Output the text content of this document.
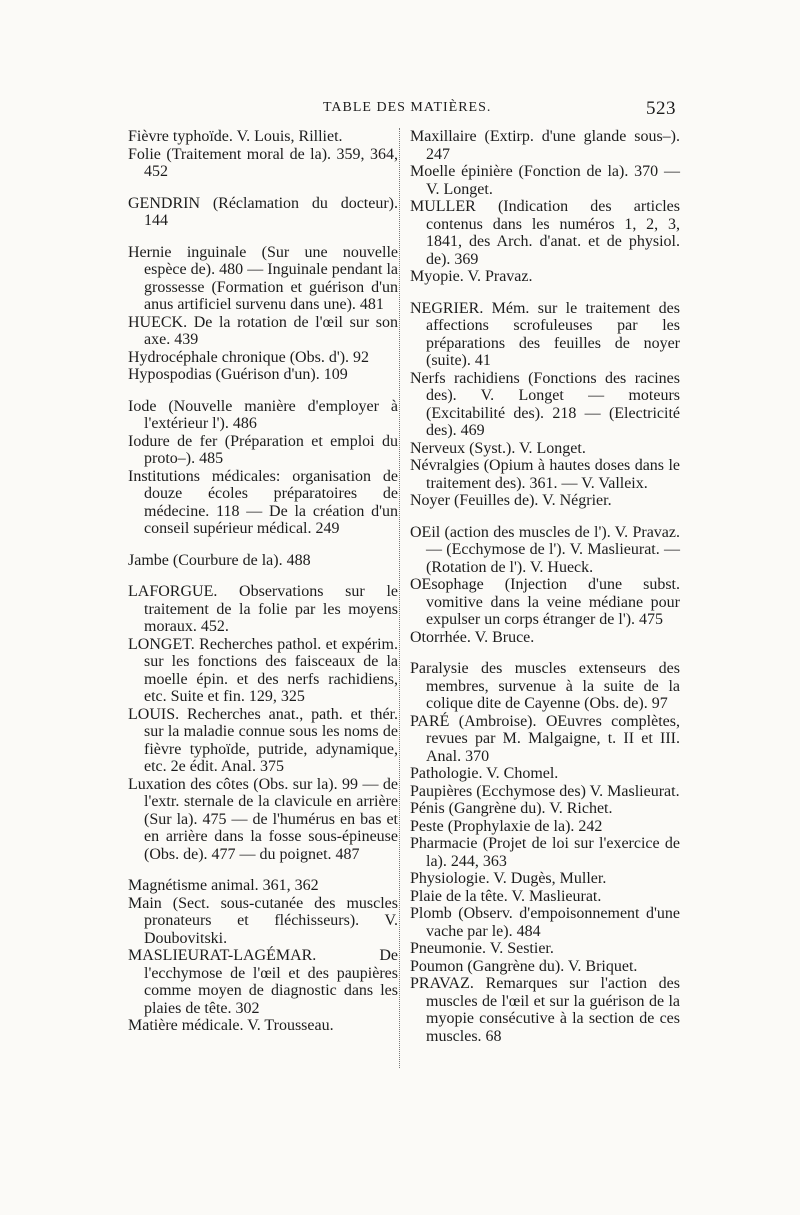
TABLE DES MATIÈRES.	523

Fièvre typhoïde. V. Louis, Rilliet.

Folie (Traitement moral de la). 359, 364, 452

GENDRIN (Réclamation du docteur). 144

Hernie inguinale (Sur une nouvelle espèce de). 480 — Inguinale pendant la grossesse (Formation et guérison d'un anus artificiel survenu dans une). 481

HUECK. De la rotation de l'œil sur son axe. 439

Hydrocéphale chronique (Obs. d'). 92

Hypospodias (Guérison d'un). 109

Iode (Nouvelle manière d'employer à l'extérieur l'). 486

Iodure de fer (Préparation et emploi du proto–). 485

Institutions médicales: organisation de douze écoles préparatoires de médecine. 118 — De la création d'un conseil supérieur médical. 249

Jambe (Courbure de la). 488

LAFORGUE. Observations sur le traitement de la folie par les moyens moraux. 452.

LONGET. Recherches pathol. et expérim. sur les fonctions des faisceaux de la moelle épin. et des nerfs rachidiens, etc. Suite et fin. 129, 325

LOUIS. Recherches anat., path. et thér. sur la maladie connue sous les noms de fièvre typhoïde, putride, adynamique, etc. 2e édit. Anal. 375

Luxation des côtes (Obs. sur la). 99 — de l'extr. sternale de la clavicule en arrière (Sur la). 475 — de l'humérus en bas et en arrière dans la fosse sous-épineuse (Obs. de). 477 — du poignet. 487

Magnétisme animal. 361, 362

Main (Sect. sous-cutanée des muscles pronateurs et fléchisseurs). V. Doubovitski.

MASLIEURAT-LAGÉMAR. De l'ecchymose de l'œil et des paupières comme moyen de diagnostic dans les plaies de tête. 302

Matière médicale. V. Trousseau.

Maxillaire (Extirp. d'une glande sous–). 247

Moelle épinière (Fonction de la). 370 — V. Longet.

MULLER (Indication des articles contenus dans les numéros 1, 2, 3, 1841, des Arch. d'anat. et de physiol. de). 369

Myopie. V. Pravaz.

NEGRIER. Mém. sur le traitement des affections scrofuleuses par les préparations des feuilles de noyer (suite). 41

Nerfs rachidiens (Fonctions des racines des). V. Longet — moteurs (Excitabilité des). 218 — (Electricité des). 469

Nerveux (Syst.). V. Longet.

Névralgies (Opium à hautes doses dans le traitement des). 361. — V. Valleix.

Noyer (Feuilles de). V. Négrier.

OEil (action des muscles de l'). V. Pravaz. — (Ecchymose de l'). V. Maslieurat. — (Rotation de l'). V. Hueck.

OEsophage (Injection d'une subst. vomitive dans la veine médiane pour expulser un corps étranger de l'). 475

Otorrhée. V. Bruce.

Paralysie des muscles extenseurs des membres, survenue à la suite de la colique dite de Cayenne (Obs. de). 97

PARÉ (Ambroise). OEuvres complètes, revues par M. Malgaigne, t. II et III. Anal. 370

Pathologie. V. Chomel.

Paupières (Ecchymose des) V. Maslieurat.

Pénis (Gangrène du). V. Richet.

Peste (Prophylaxie de la). 242

Pharmacie (Projet de loi sur l'exercice de la). 244, 363

Physiologie. V. Dugès, Muller.

Plaie de la tête. V. Maslieurat.

Plomb (Observ. d'empoisonnement d'une vache par le). 484

Pneumonie. V. Sestier.

Poumon (Gangrène du). V. Briquet.

PRAVAZ. Remarques sur l'action des muscles de l'œil et sur la guérison de la myopie consécutive à la section de ces muscles. 68
